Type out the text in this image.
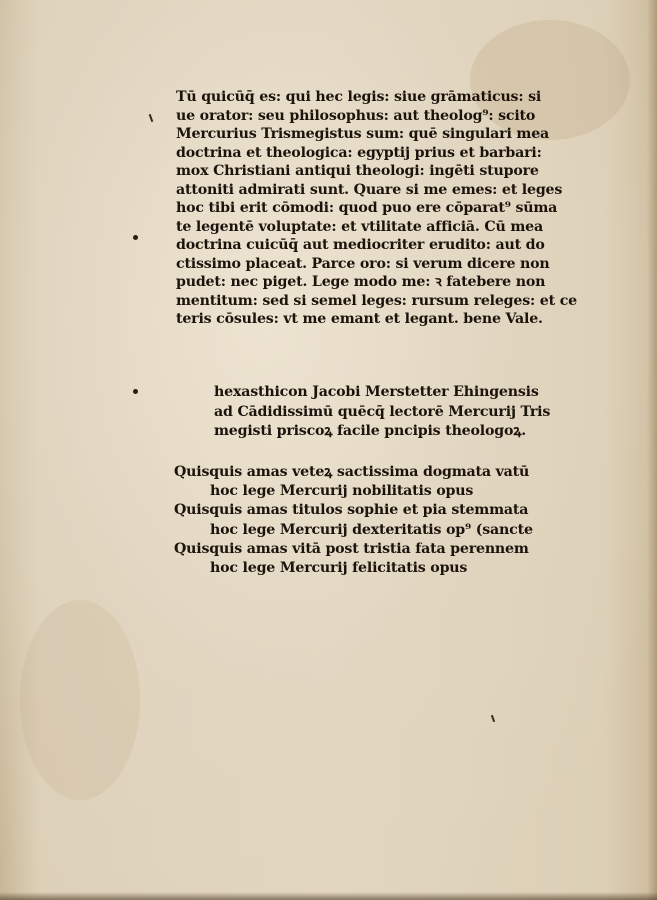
Tū quicūq̄ es: qui hec legis: siue grāmaticus: si
ue orator: seu philosophus: aut theolog⁹: scito
Mercurius Trismegistus sum: quē singulari mea
doctrina et theologica: egyptij prius et barbari:
mox Christiani antiqui theologi: ingēti stupore
attoniti admirati sunt. Quare si me emes: et leges
hoc tibi erit cōmodi: quod puo ere cōparat⁹ sūma
te legentē voluptate: et vtilitate afficiā. Cū mea
doctrina cuicūq̄ aut mediocriter erudito: aut do
ctissimo placeat. Parce oro: si verum dicere non
pudet: nec piget. Lege modo me: ꝛ fatebere non
mentitum: sed si semel leges: rursum releges: et ce
teris cōsules: vt me emant et legant. bene Vale.
hexasthicon Jacobi Merstetter Ehingensis
ad Cādidissimū quēcq̄ lectorē Mercurij Tris
megisti priscoꝝ facile pncipis theologoꝝ.
Quisquis amas veteꝝ sactissima dogmata vatū
hoc lege Mercurij nobilitatis opus
Quisquis amas titulos sophie et pia stemmata
hoc lege Mercurij dexteritatis op⁹ (sancte
Quisquis amas vitā post tristia fata perennem
hoc lege Mercurij felicitatis opus
